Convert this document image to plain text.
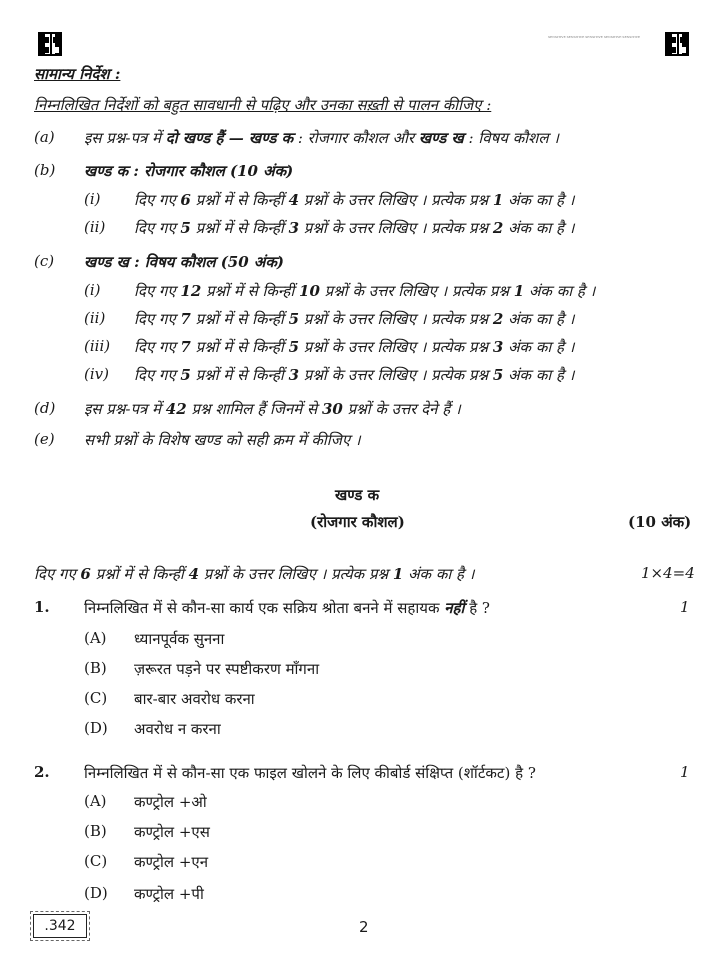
SENSITIVE SENSITIVE SENSITIVE SENSITIVE SENSITIVE
सामान्य निर्देश :
निम्नलिखित निर्देशों को बहुत सावधानी से पढ़िए और उनका सख़्ती से पालन कीजिए :
(a) इस प्रश्न-पत्र में दो खण्ड हैं — खण्ड क : रोजगार कौशल और खण्ड ख : विषय कौशल ।
(b) खण्ड क : रोजगार कौशल (10 अंक)
(i) दिए गए 6 प्रश्नों में से किन्हीं 4 प्रश्नों के उत्तर लिखिए । प्रत्येक प्रश्न 1 अंक का है ।
(ii) दिए गए 5 प्रश्नों में से किन्हीं 3 प्रश्नों के उत्तर लिखिए । प्रत्येक प्रश्न 2 अंक का है ।
(c) खण्ड ख : विषय कौशल (50 अंक)
(i) दिए गए 12 प्रश्नों में से किन्हीं 10 प्रश्नों के उत्तर लिखिए । प्रत्येक प्रश्न 1 अंक का है ।
(ii) दिए गए 7 प्रश्नों में से किन्हीं 5 प्रश्नों के उत्तर लिखिए । प्रत्येक प्रश्न 2 अंक का है ।
(iii) दिए गए 7 प्रश्नों में से किन्हीं 5 प्रश्नों के उत्तर लिखिए । प्रत्येक प्रश्न 3 अंक का है ।
(iv) दिए गए 5 प्रश्नों में से किन्हीं 3 प्रश्नों के उत्तर लिखिए । प्रत्येक प्रश्न 5 अंक का है ।
(d) इस प्रश्न-पत्र में 42 प्रश्न शामिल हैं जिनमें से 30 प्रश्नों के उत्तर देने हैं ।
(e) सभी प्रश्नों के विशेष खण्ड को सही क्रम में कीजिए ।
खण्ड क
(रोजगार कौशल)	(10 अंक)
दिए गए 6 प्रश्नों में से किन्हीं 4 प्रश्नों के उत्तर लिखिए । प्रत्येक प्रश्न 1 अंक का है ।	1×4=4
1. निम्नलिखित में से कौन-सा कार्य एक सक्रिय श्रोता बनने में सहायक नहीं है ?	1
(A) ध्यानपूर्वक सुनना
(B) ज़रूरत पड़ने पर स्पष्टीकरण माँगना
(C) बार-बार अवरोध करना
(D) अवरोध न करना
2. निम्नलिखित में से कौन-सा एक फाइल खोलने के लिए कीबोर्ड संक्षिप्त (शॉर्टकट) है ?	1
(A) कण्ट्रोल +ओ
(B) कण्ट्रोल +एस
(C) कण्ट्रोल +एन
(D) कण्ट्रोल +पी
.342	2
